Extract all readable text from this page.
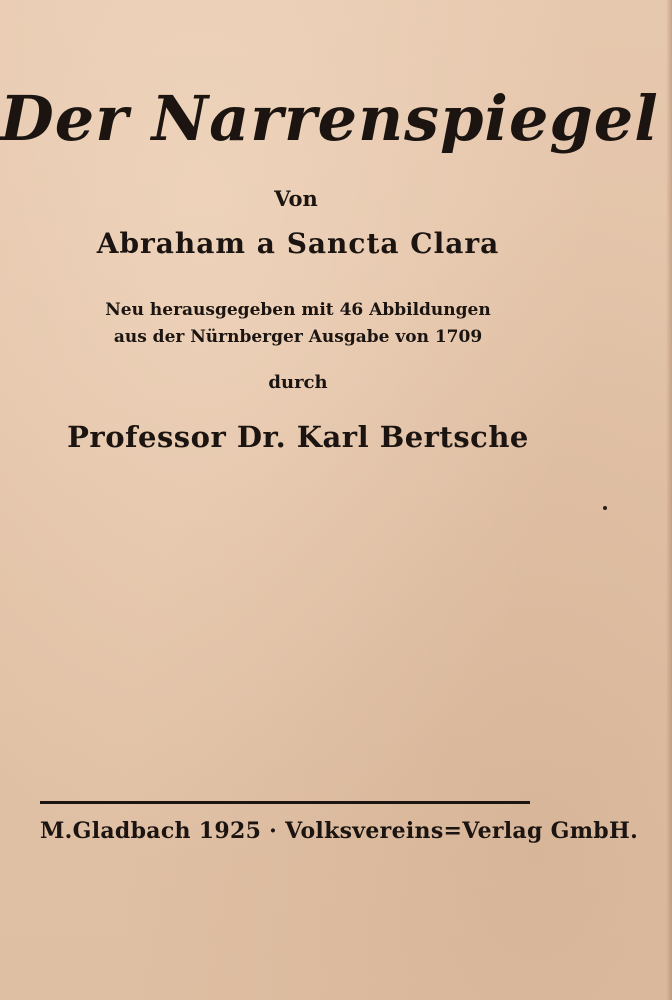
Der Narrenspiegel
Von
Abraham a Sancta Clara
Neu herausgegeben mit 46 Abbildungen
aus der Nürnberger Ausgabe von 1709
durch
Professor Dr. Karl Bertsche
M.Gladbach 1925 · Volksvereins=Verlag GmbH.
